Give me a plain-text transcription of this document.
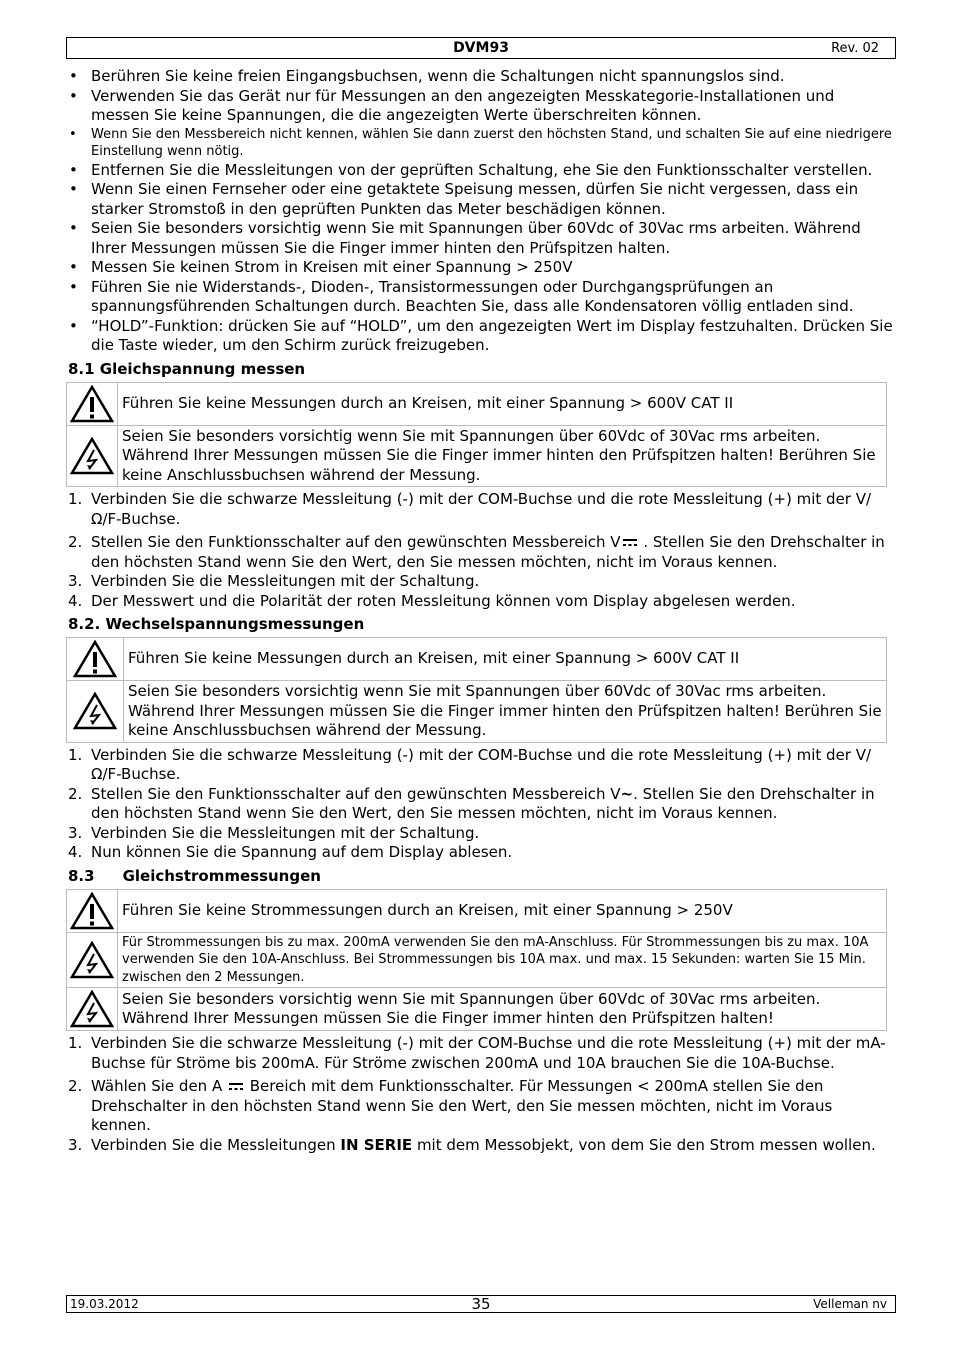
DVM93	Rev. 02
• Berühren Sie keine freien Eingangsbuchsen, wenn die Schaltungen nicht spannungslos sind.
• Verwenden Sie das Gerät nur für Messungen an den angezeigten Messkategorie-Installationen und messen Sie keine Spannungen, die die angezeigten Werte überschreiten können.
• Wenn Sie den Messbereich nicht kennen, wählen Sie dann zuerst den höchsten Stand, und schalten Sie auf eine niedrigere Einstellung wenn nötig.
• Entfernen Sie die Messleitungen von der geprüften Schaltung, ehe Sie den Funktionsschalter verstellen.
• Wenn Sie einen Fernseher oder eine getaktete Speisung messen, dürfen Sie nicht vergessen, dass ein starker Stromstoß in den geprüften Punkten das Meter beschädigen können.
• Seien Sie besonders vorsichtig wenn Sie mit Spannungen über 60Vdc of 30Vac rms arbeiten. Während Ihrer Messungen müssen Sie die Finger immer hinten den Prüfspitzen halten.
• Messen Sie keinen Strom in Kreisen mit einer Spannung > 250V
• Führen Sie nie Widerstands-, Dioden-, Transistormessungen oder Durchgangsprüfungen an spannungsführenden Schaltungen durch. Beachten Sie, dass alle Kondensatoren völlig entladen sind.
• “HOLD”-Funktion: drücken Sie auf “HOLD”, um den angezeigten Wert im Display festzuhalten. Drücken Sie die Taste wieder, um den Schirm zurück freizugeben.
8.1 Gleichspannung messen
	Führen Sie keine Messungen durch an Kreisen, mit einer Spannung > 600V CAT II

	Seien Sie besonders vorsichtig wenn Sie mit Spannungen über 60Vdc of 30Vac rms arbeiten. Während Ihrer Messungen müssen Sie die Finger immer hinten den Prüfspitzen halten! Berühren Sie keine Anschlussbuchsen während der Messung.
1. Verbinden Sie die schwarze Messleitung (-) mit der COM-Buchse und die rote Messleitung (+) mit der V/Ω/F-Buchse.
2. Stellen Sie den Funktionsschalter auf den gewünschten Messbereich V . Stellen Sie den Drehschalter in den höchsten Stand wenn Sie den Wert, den Sie messen möchten, nicht im Voraus kennen.
3. Verbinden Sie die Messleitungen mit der Schaltung.
4. Der Messwert und die Polarität der roten Messleitung können vom Display abgelesen werden.
8.2. Wechselspannungsmessungen
	Führen Sie keine Messungen durch an Kreisen, mit einer Spannung > 600V CAT II

	Seien Sie besonders vorsichtig wenn Sie mit Spannungen über 60Vdc of 30Vac rms arbeiten. Während Ihrer Messungen müssen Sie die Finger immer hinten den Prüfspitzen halten! Berühren Sie keine Anschlussbuchsen während der Messung.
1. Verbinden Sie die schwarze Messleitung (-) mit der COM-Buchse und die rote Messleitung (+) mit der V/Ω/F-Buchse.
2. Stellen Sie den Funktionsschalter auf den gewünschten Messbereich V~. Stellen Sie den Drehschalter in den höchsten Stand wenn Sie den Wert, den Sie messen möchten, nicht im Voraus kennen.
3. Verbinden Sie die Messleitungen mit der Schaltung.
4. Nun können Sie die Spannung auf dem Display ablesen.
8.3 Gleichstrommessungen
	Führen Sie keine Strommessungen durch an Kreisen, mit einer Spannung > 250V

	Für Strommessungen bis zu max. 200mA verwenden Sie den mA-Anschluss. Für Strommessungen bis zu max. 10A verwenden Sie den 10A-Anschluss. Bei Strommessungen bis 10A max. und max. 15 Sekunden: warten Sie 15 Min. zwischen den 2 Messungen.

	Seien Sie besonders vorsichtig wenn Sie mit Spannungen über 60Vdc of 30Vac rms arbeiten. Während Ihrer Messungen müssen Sie die Finger immer hinten den Prüfspitzen halten!
1. Verbinden Sie die schwarze Messleitung (-) mit der COM-Buchse und die rote Messleitung (+) mit der mA-Buchse für Ströme bis 200mA. Für Ströme zwischen 200mA und 10A brauchen Sie die 10A-Buchse.
2. Wählen Sie den A  Bereich mit dem Funktionsschalter. Für Messungen < 200mA stellen Sie den Drehschalter in den höchsten Stand wenn Sie den Wert, den Sie messen möchten, nicht im Voraus kennen.
3. Verbinden Sie die Messleitungen IN SERIE mit dem Messobjekt, von dem Sie den Strom messen wollen.
19.03.2012	35	Velleman nv
